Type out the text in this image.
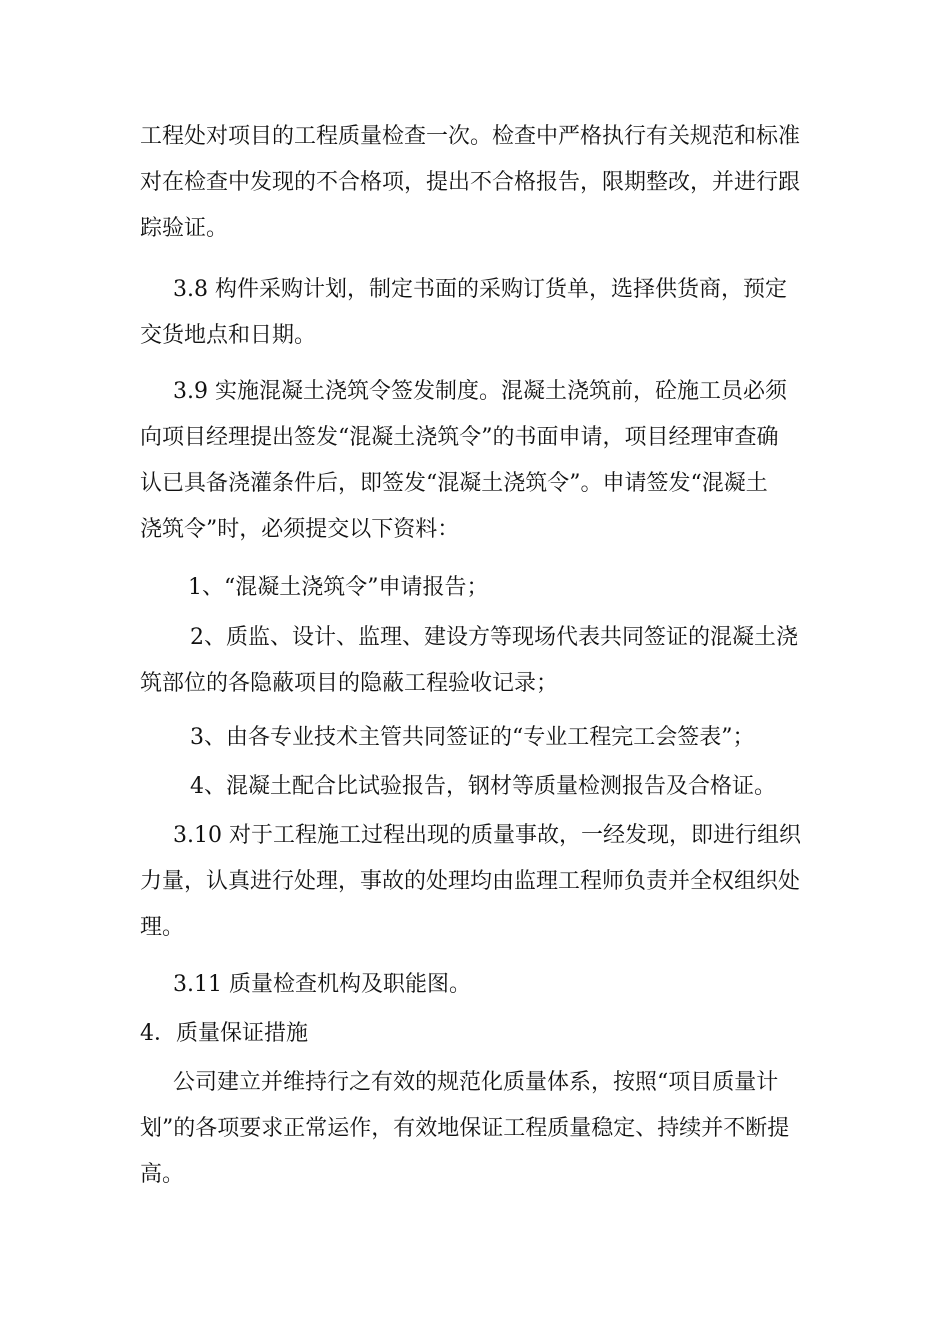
工程处对项目的工程质量检查一次。检查中严格执行有关规范和标准
对在检查中发现的不合格项，提出不合格报告，限期整改，并进行跟
踪验证。
3.8 构件采购计划，制定书面的采购订货单，选择供货商，预定
交货地点和日期。
3.9 实施混凝土浇筑令签发制度。混凝土浇筑前，砼施工员必须
向项目经理提出签发“混凝土浇筑令”的书面申请，项目经理审查确
认已具备浇灌条件后，即签发“混凝土浇筑令”。申请签发“混凝土
浇筑令”时，必须提交以下资料：
1、“混凝土浇筑令”申请报告；
2、质监、设计、监理、建设方等现场代表共同签证的混凝土浇
筑部位的各隐蔽项目的隐蔽工程验收记录；
3、由各专业技术主管共同签证的“专业工程完工会签表”；
4、混凝土配合比试验报告，钢材等质量检测报告及合格证。
3.10 对于工程施工过程出现的质量事故，一经发现，即进行组织
力量，认真进行处理，事故的处理均由监理工程师负责并全权组织处
理。
3.11 质量检查机构及职能图。
4．质量保证措施
公司建立并维持行之有效的规范化质量体系，按照“项目质量计
划”的各项要求正常运作，有效地保证工程质量稳定、持续并不断提
高。
